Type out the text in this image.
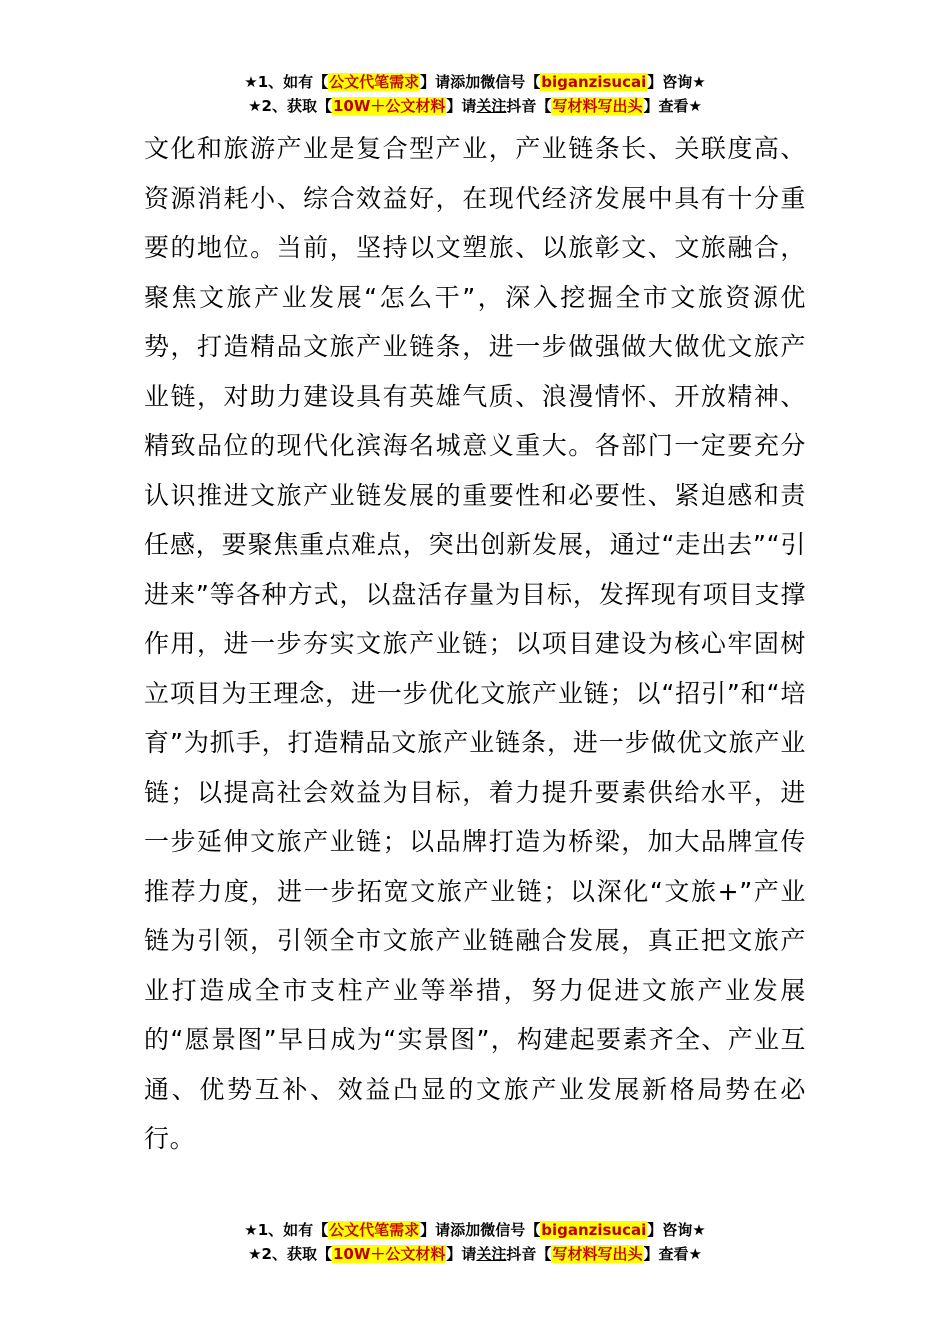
★1、如有【公文代笔需求】请添加微信号【biganzisucai】咨询★
★2、获取【10W＋公文材料】请关注抖音【写材料写出头】查看★
文化和旅游产业是复合型产业，产业链条长、关联度高、资源消耗小、综合效益好，在现代经济发展中具有十分重要的地位。当前，坚持以文塑旅、以旅彰文、文旅融合，聚焦文旅产业发展“怎么干”，深入挖掘全市文旅资源优势，打造精品文旅产业链条，进一步做强做大做优文旅产业链，对助力建设具有英雄气质、浪漫情怀、开放精神、精致品位的现代化滨海名城意义重大。各部门一定要充分认识推进文旅产业链发展的重要性和必要性、紧迫感和责任感，要聚焦重点难点，突出创新发展，通过“走出去”“引进来”等各种方式，以盘活存量为目标，发挥现有项目支撑作用，进一步夯实文旅产业链；以项目建设为核心牢固树立项目为王理念，进一步优化文旅产业链；以“招引”和“培育”为抓手，打造精品文旅产业链条，进一步做优文旅产业链；以提高社会效益为目标，着力提升要素供给水平，进一步延伸文旅产业链；以品牌打造为桥梁，加大品牌宣传推荐力度，进一步拓宽文旅产业链；以深化“文旅+”产业链为引领，引领全市文旅产业链融合发展，真正把文旅产业打造成全市支柱产业等举措，努力促进文旅产业发展的“愿景图”早日成为“实景图”，构建起要素齐全、产业互通、优势互补、效益凸显的文旅产业发展新格局势在必行。
★1、如有【公文代笔需求】请添加微信号【biganzisucai】咨询★
★2、获取【10W＋公文材料】请关注抖音【写材料写出头】查看★
